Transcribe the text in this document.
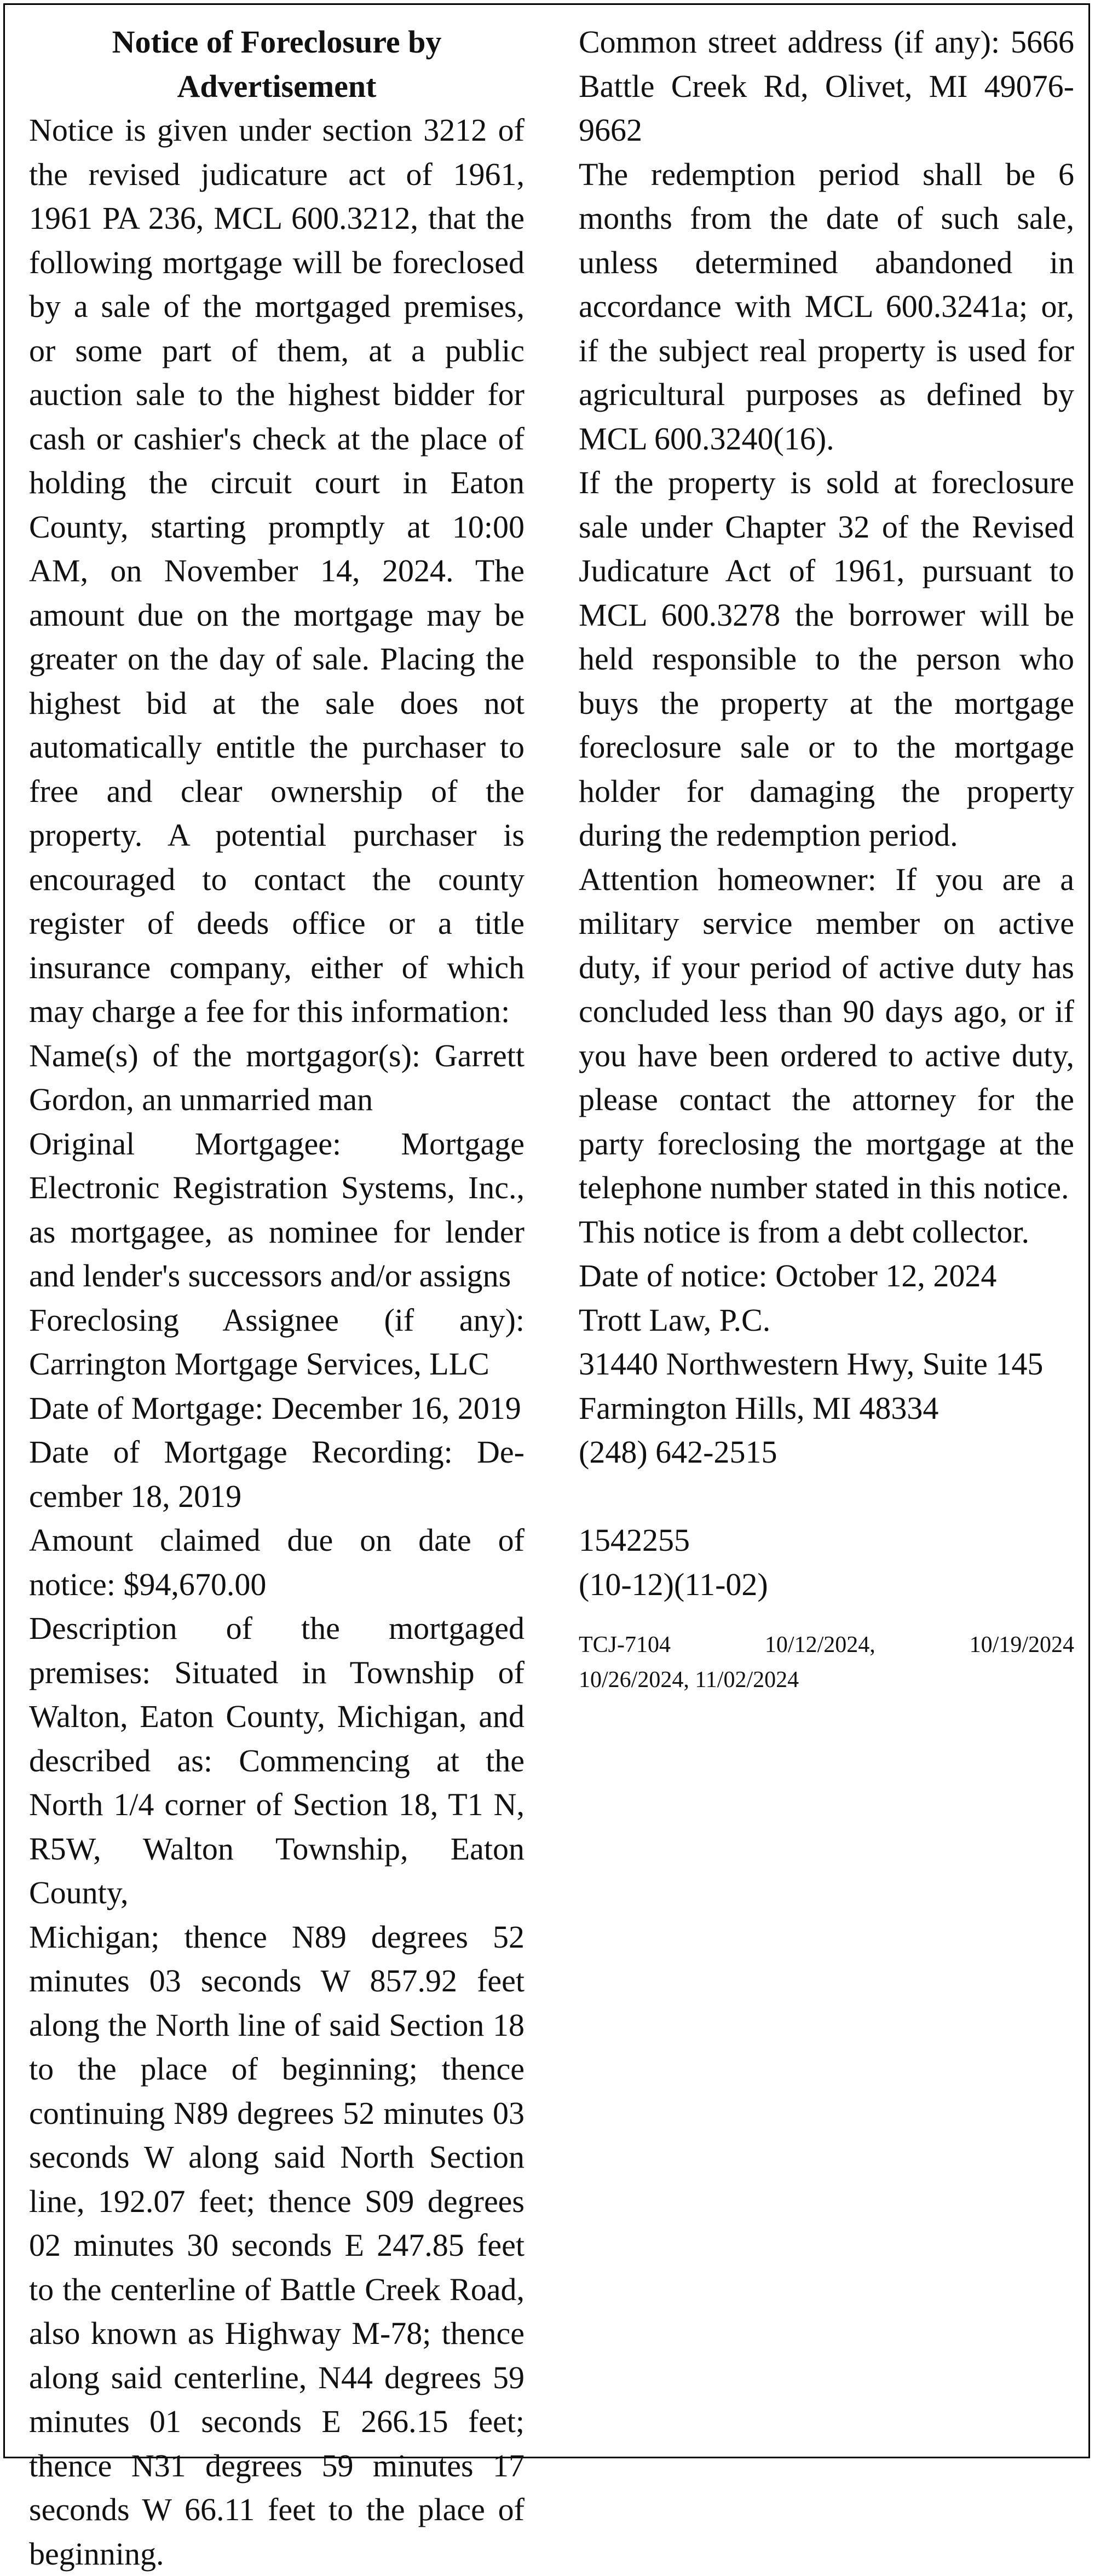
Notice of Foreclosure by

Advertisement

Notice is given under section 3212 of the revised judicature act of 1961, 1961 PA 236, MCL 600.3212, that the following mortgage will be foreclosed by a sale of the mortgaged premises, or some part of them, at a public auction sale to the highest bidder for cash or cashier's check at the place of holding the circuit court in Eaton County, starting promptly at 10:00 AM, on November 14, 2024. The amount due on the mortgage may be greater on the day of sale. Placing the highest bid at the sale does not automatically entitle the purchaser to free and clear ownership of the property. A potential purchaser is encouraged to contact the county register of deeds office or a title insurance company, either of which may charge a fee for this information:

Name(s) of the mortgagor(s): Garrett Gordon, an unmarried man

Original Mortgagee: Mortgage Electronic Registration Systems, Inc., as mortgagee, as nominee for lender and lender's successors and/or assigns

Foreclosing Assignee (if any): Carrington Mortgage Services, LLC

Date of Mortgage: December 16, 2019

Date of Mortgage Recording: December 18, 2019

Amount claimed due on date of notice: $94,670.00

Description of the mortgaged premises: Situated in Township of Walton, Eaton County, Michigan, and described as: Commencing at the North 1/4 corner of Section 18, T1 N, R5W, Walton Township, Eaton County,

Michigan; thence N89 degrees 52 minutes 03 seconds W 857.92 feet along the North line of said Section 18 to the place of beginning; thence continuing N89 degrees 52 minutes 03 seconds W along said North Section line, 192.07 feet; thence S09 degrees 02 minutes 30 seconds E 247.85 feet to the centerline of Battle Creek Road, also known as Highway M-78; thence along said centerline, N44 degrees 59 minutes 01 seconds E 266.15 feet; thence N31 degrees 59 minutes 17 seconds W 66.11 feet to the place of beginning.

Common street address (if any): 5666 Battle Creek Rd, Olivet, MI 49076-9662

The redemption period shall be 6 months from the date of such sale, unless determined abandoned in accordance with MCL 600.3241a; or, if the subject real property is used for agricultural purposes as defined by MCL 600.3240(16).

If the property is sold at foreclosure sale under Chapter 32 of the Revised Judicature Act of 1961, pursuant to MCL 600.3278 the borrower will be held responsible to the person who buys the property at the mortgage foreclosure sale or to the mortgage holder for damaging the property during the redemption period.

Attention homeowner: If you are a military service member on active duty, if your period of active duty has concluded less than 90 days ago, or if you have been ordered to active duty, please contact the attorney for the party foreclosing the mortgage at the telephone number stated in this notice.

This notice is from a debt collector.

Date of notice: October 12, 2024

Trott Law, P.C.

31440 Northwestern Hwy, Suite 145

Farmington Hills, MI 48334

(248) 642-2515

1542255

(10-12)(11-02)

TCJ-7104	10/12/2024,	10/19/2024
10/26/2024, 11/02/2024
